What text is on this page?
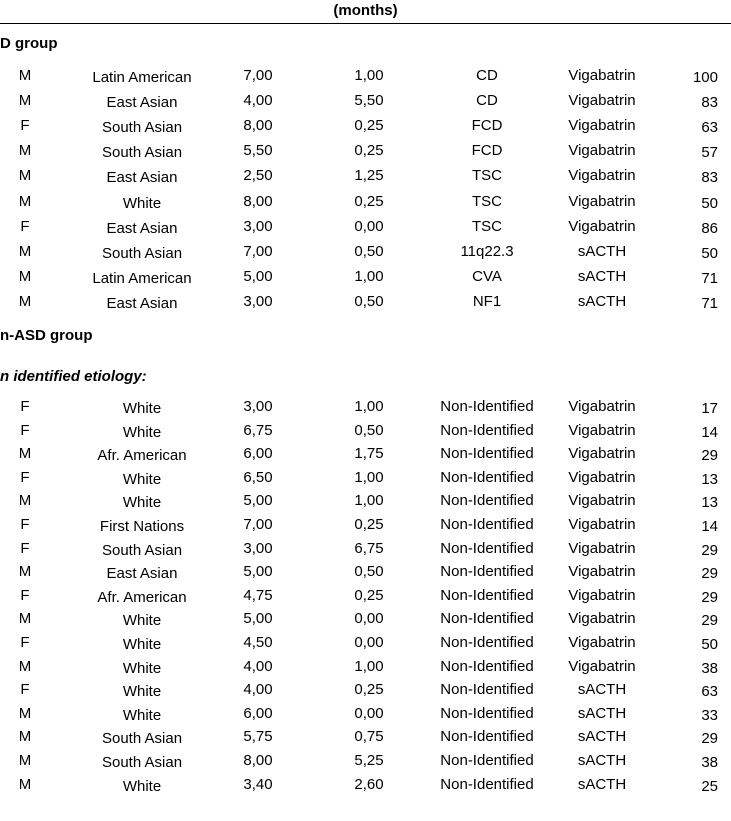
(months)
D group
M	Latin American	7,00	1,00	CD	Vigabatrin	100
M	East Asian	4,00	5,50	CD	Vigabatrin	83
F	South Asian	8,00	0,25	FCD	Vigabatrin	63
M	South Asian	5,50	0,25	FCD	Vigabatrin	57
M	East Asian	2,50	1,25	TSC	Vigabatrin	83
M	White	8,00	0,25	TSC	Vigabatrin	50
F	East Asian	3,00	0,00	TSC	Vigabatrin	86
M	South Asian	7,00	0,50	11q22.3	sACTH	50
M	Latin American	5,00	1,00	CVA	sACTH	71
M	East Asian	3,00	0,50	NF1	sACTH	71
n-ASD group
n identified etiology:
F	White	3,00	1,00	Non-Identified	Vigabatrin	17
F	White	6,75	0,50	Non-Identified	Vigabatrin	14
M	Afr. American	6,00	1,75	Non-Identified	Vigabatrin	29
F	White	6,50	1,00	Non-Identified	Vigabatrin	13
M	White	5,00	1,00	Non-Identified	Vigabatrin	13
F	First Nations	7,00	0,25	Non-Identified	Vigabatrin	14
F	South Asian	3,00	6,75	Non-Identified	Vigabatrin	29
M	East Asian	5,00	0,50	Non-Identified	Vigabatrin	29
F	Afr. American	4,75	0,25	Non-Identified	Vigabatrin	29
M	White	5,00	0,00	Non-Identified	Vigabatrin	29
F	White	4,50	0,00	Non-Identified	Vigabatrin	50
M	White	4,00	1,00	Non-Identified	Vigabatrin	38
F	White	4,00	0,25	Non-Identified	sACTH	63
M	White	6,00	0,00	Non-Identified	sACTH	33
M	South Asian	5,75	0,75	Non-Identified	sACTH	29
M	South Asian	8,00	5,25	Non-Identified	sACTH	38
M	White	3,40	2,60	Non-Identified	sACTH	25
